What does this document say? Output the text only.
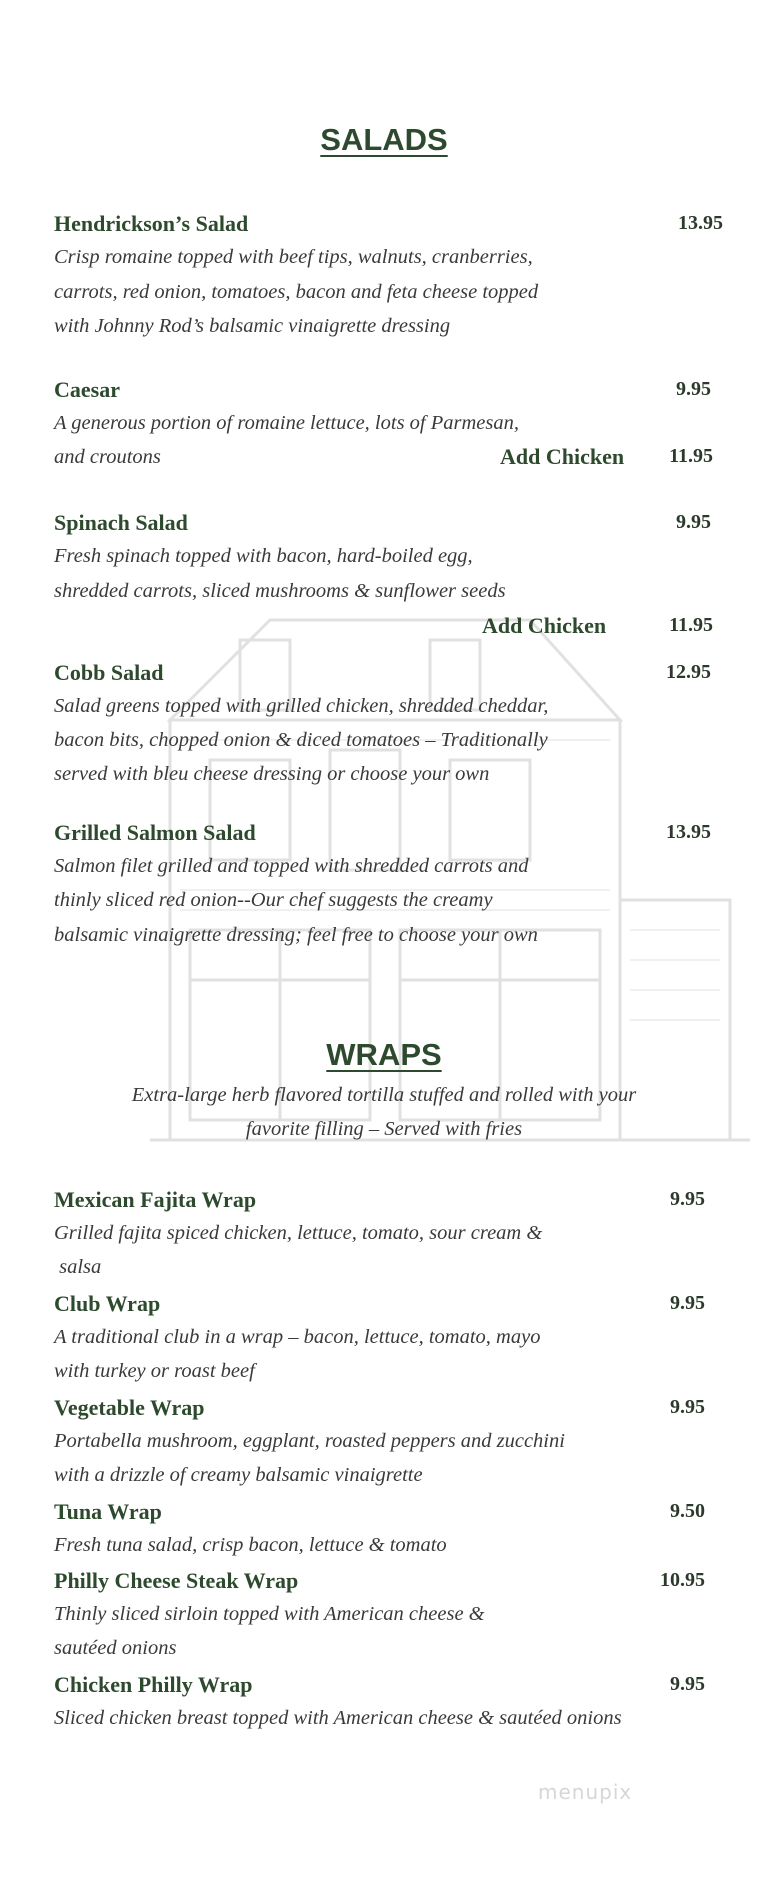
SALADS
Hendrickson’s Salad	13.95
Crisp romaine topped with beef tips, walnuts, cranberries,
carrots, red onion, tomatoes, bacon and feta cheese topped
with Johnny Rod’s balsamic vinaigrette dressing
Caesar	9.95
A generous portion of romaine lettuce, lots of Parmesan,
and croutons	Add Chicken 11.95
Spinach Salad	9.95
Fresh spinach topped with bacon, hard-boiled egg,
shredded carrots, sliced mushrooms & sunflower seeds
Add Chicken	11.95
Cobb Salad	12.95
Salad greens topped with grilled chicken, shredded cheddar,
bacon bits, chopped onion & diced tomatoes – Traditionally
served with bleu cheese dressing or choose your own
Grilled Salmon Salad	13.95
Salmon filet grilled and topped with shredded carrots and
thinly sliced red onion--Our chef suggests the creamy
balsamic vinaigrette dressing; feel free to choose your own
WRAPS
Extra-large herb flavored tortilla stuffed and rolled with your
favorite filling – Served with fries
Mexican Fajita Wrap	9.95
Grilled fajita spiced chicken, lettuce, tomato, sour cream &
salsa
Club Wrap	9.95
A traditional club in a wrap – bacon, lettuce, tomato, mayo
with turkey or roast beef
Vegetable Wrap	9.95
Portabella mushroom, eggplant, roasted peppers and zucchini
with a drizzle of creamy balsamic vinaigrette
Tuna Wrap	9.50
Fresh tuna salad, crisp bacon, lettuce & tomato
Philly Cheese Steak Wrap	10.95
Thinly sliced sirloin topped with American cheese &
sautéed onions
Chicken Philly Wrap	9.95
Sliced chicken breast topped with American cheese & sautéed onions
menupix
